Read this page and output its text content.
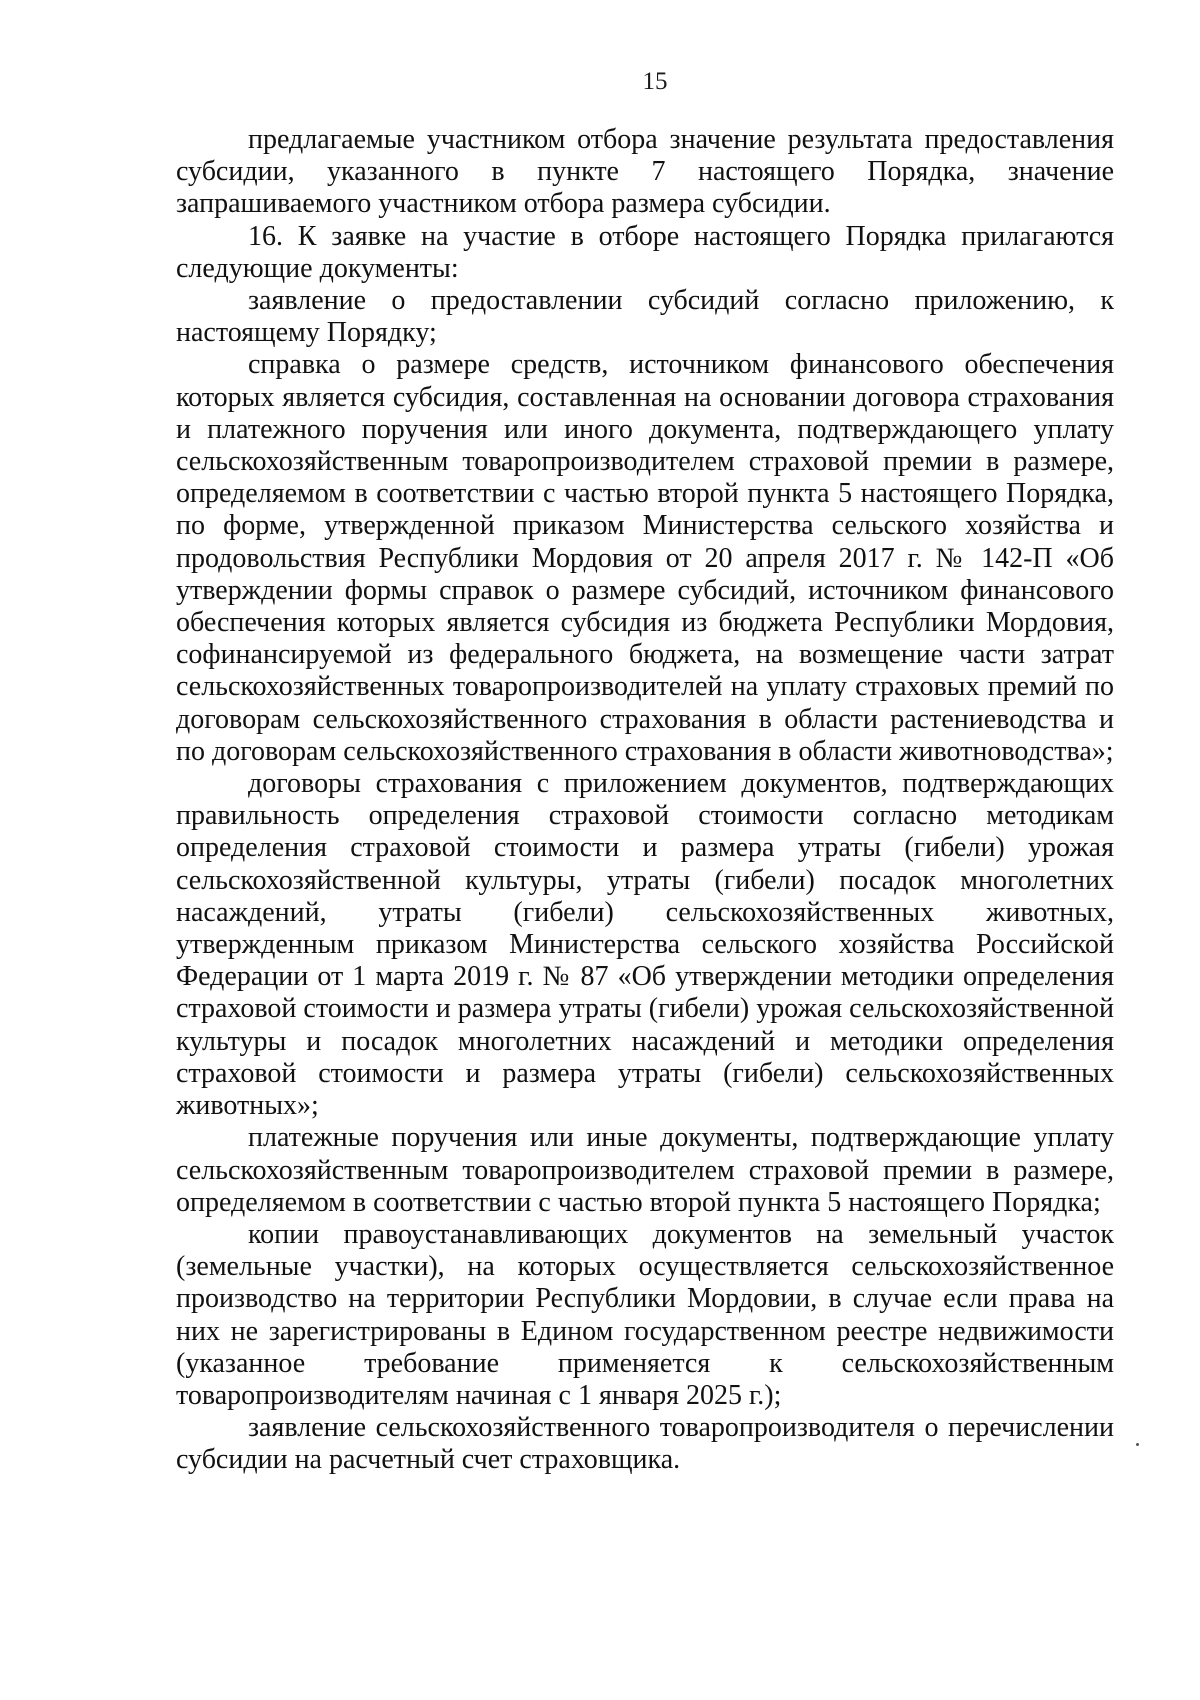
15

предлагаемые участником отбора значение результата предоставления субсидии, указанного в пункте 7 настоящего Порядка, значение запрашиваемого участником отбора размера субсидии.

16. К заявке на участие в отборе настоящего Порядка прилагаются следующие документы:

заявление о предоставлении субсидий согласно приложению, к настоящему Порядку;

справка о размере средств, источником финансового обеспечения которых является субсидия, составленная на основании договора страхования и платежного поручения или иного документа, подтверждающего уплату сельскохозяйственным товаропроизводителем страховой премии в размере, определяемом в соответствии с частью второй пункта 5 настоящего Порядка, по форме, утвержденной приказом Министерства сельского хозяйства и продовольствия Республики Мордовия от 20 апреля 2017 г. № 142-П «Об утверждении формы справок о размере субсидий, источником финансового обеспечения которых является субсидия из бюджета Республики Мордовия, софинансируемой из федерального бюджета, на возмещение части затрат сельскохозяйственных товаропроизводителей на уплату страховых премий по договорам сельскохозяйственного страхования в области растениеводства и по договорам сельскохозяйственного страхования в области животноводства»;

договоры страхования с приложением документов, подтверждающих правильность определения страховой стоимости согласно методикам определения страховой стоимости и размера утраты (гибели) урожая сельскохозяйственной культуры, утраты (гибели) посадок многолетних насаждений, утраты (гибели) сельскохозяйственных животных, утвержденным приказом Министерства сельского хозяйства Российской Федерации от 1 марта 2019 г. № 87 «Об утверждении методики определения страховой стоимости и размера утраты (гибели) урожая сельскохозяйственной культуры и посадок многолетних насаждений и методики определения страховой стоимости и размера утраты (гибели) сельскохозяйственных животных»;

платежные поручения или иные документы, подтверждающие уплату сельскохозяйственным товаропроизводителем страховой премии в размере, определяемом в соответствии с частью второй пункта 5 настоящего Порядка;

копии правоустанавливающих документов на земельный участок (земельные участки), на которых осуществляется сельскохозяйственное производство на территории Республики Мордовии, в случае если права на них не зарегистрированы в Едином государственном реестре недвижимости (указанное требование применяется к сельскохозяйственным товаропроизводителям начиная с 1 января 2025 г.);

заявление сельскохозяйственного товаропроизводителя о перечислении субсидии на расчетный счет страховщика.
